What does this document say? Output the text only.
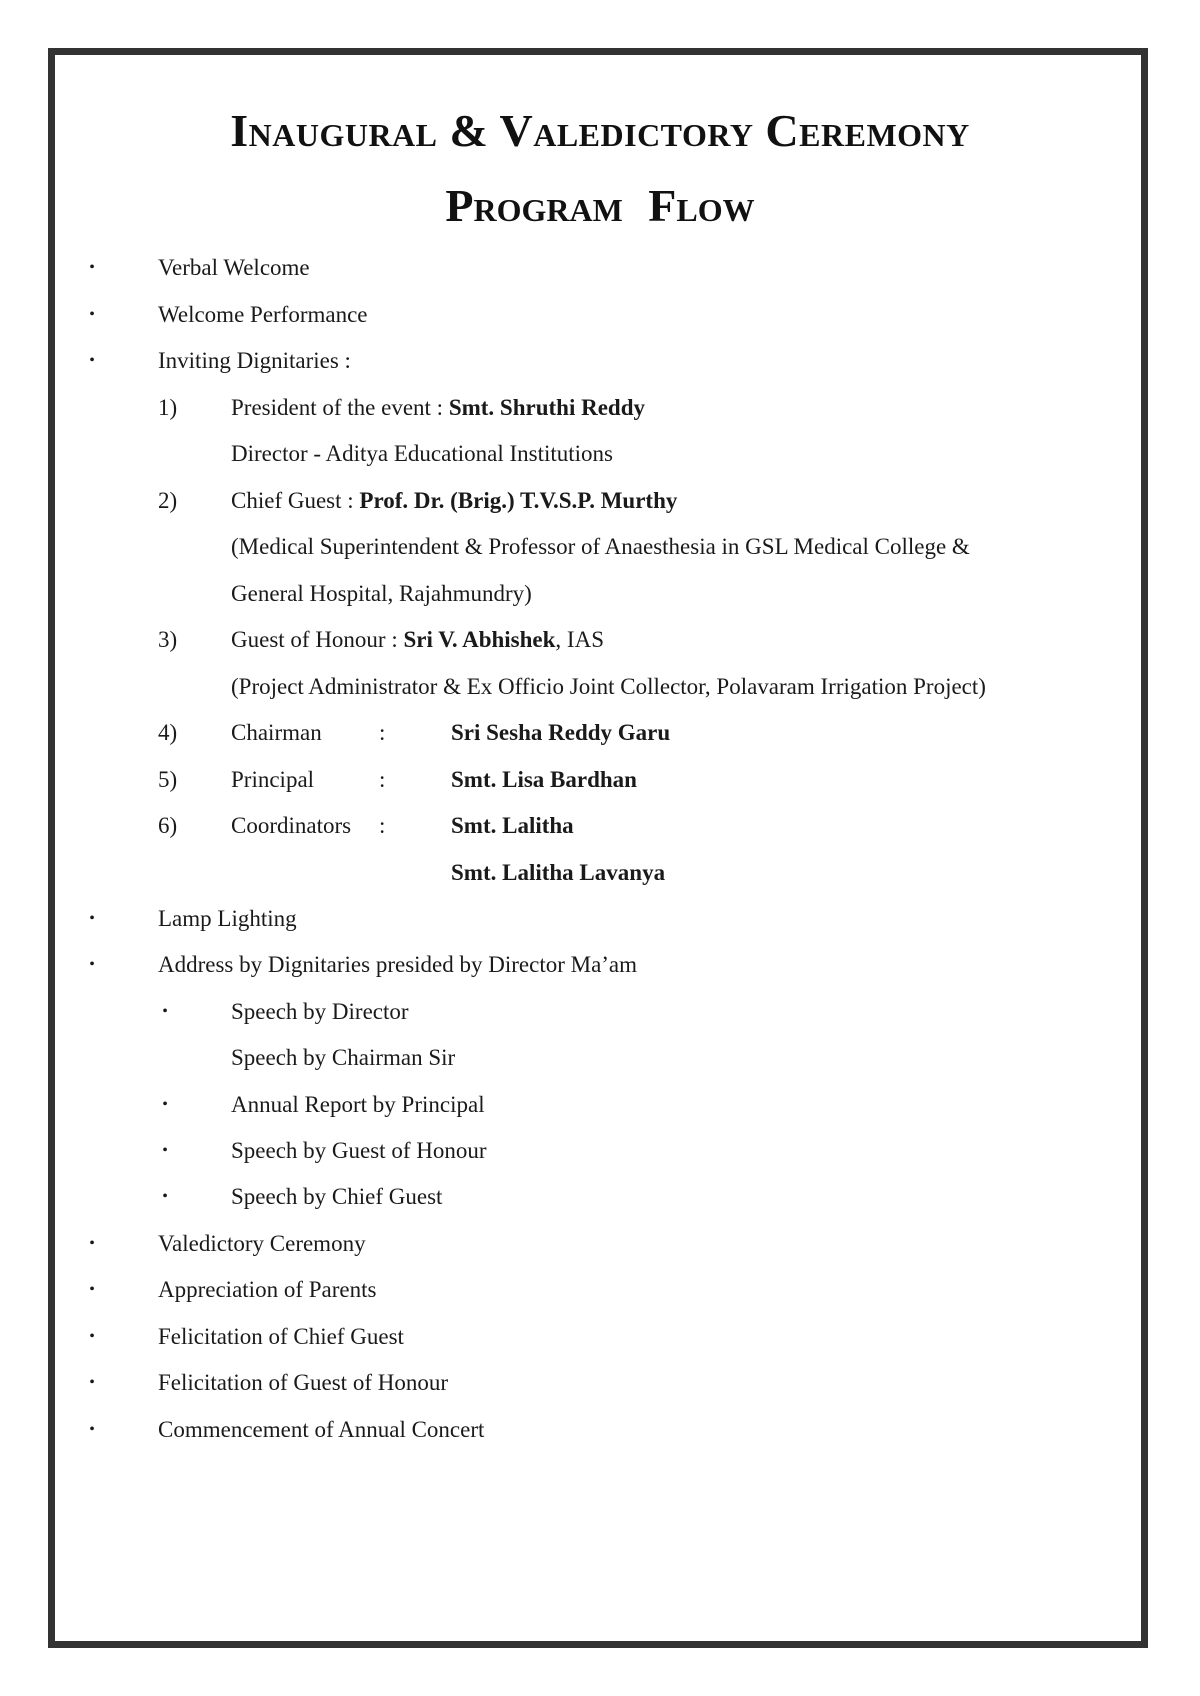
Inaugural & Valedictory Ceremony
Program Flow
•	Verbal Welcome
•	Welcome Performance
•	Inviting Dignitaries :
1) President of the event : Smt. Shruthi Reddy
Director - Aditya Educational Institutions
2) Chief Guest : Prof. Dr. (Brig.) T.V.S.P. Murthy
(Medical Superintendent & Professor of Anaesthesia in GSL Medical College &
General Hospital, Rajahmundry)
3) Guest of Honour : Sri V. Abhishek, IAS
(Project Administrator & Ex Officio Joint Collector, Polavaram Irrigation Project)
4) Chairman :	Sri Sesha Reddy Garu
5) Principal	:	Smt. Lisa Bardhan
6) Coordinators :	Smt. Lalitha
Smt. Lalitha Lavanya
•	Lamp Lighting
•	Address by Dignitaries presided by Director Ma’am
•	Speech by Director
Speech by Chairman Sir
•	Annual Report by Principal
•	Speech by Guest of Honour
•	Speech by Chief Guest
•	Valedictory Ceremony
•	Appreciation of Parents
•	Felicitation of Chief Guest
•	Felicitation of Guest of Honour
•	Commencement of Annual Concert
